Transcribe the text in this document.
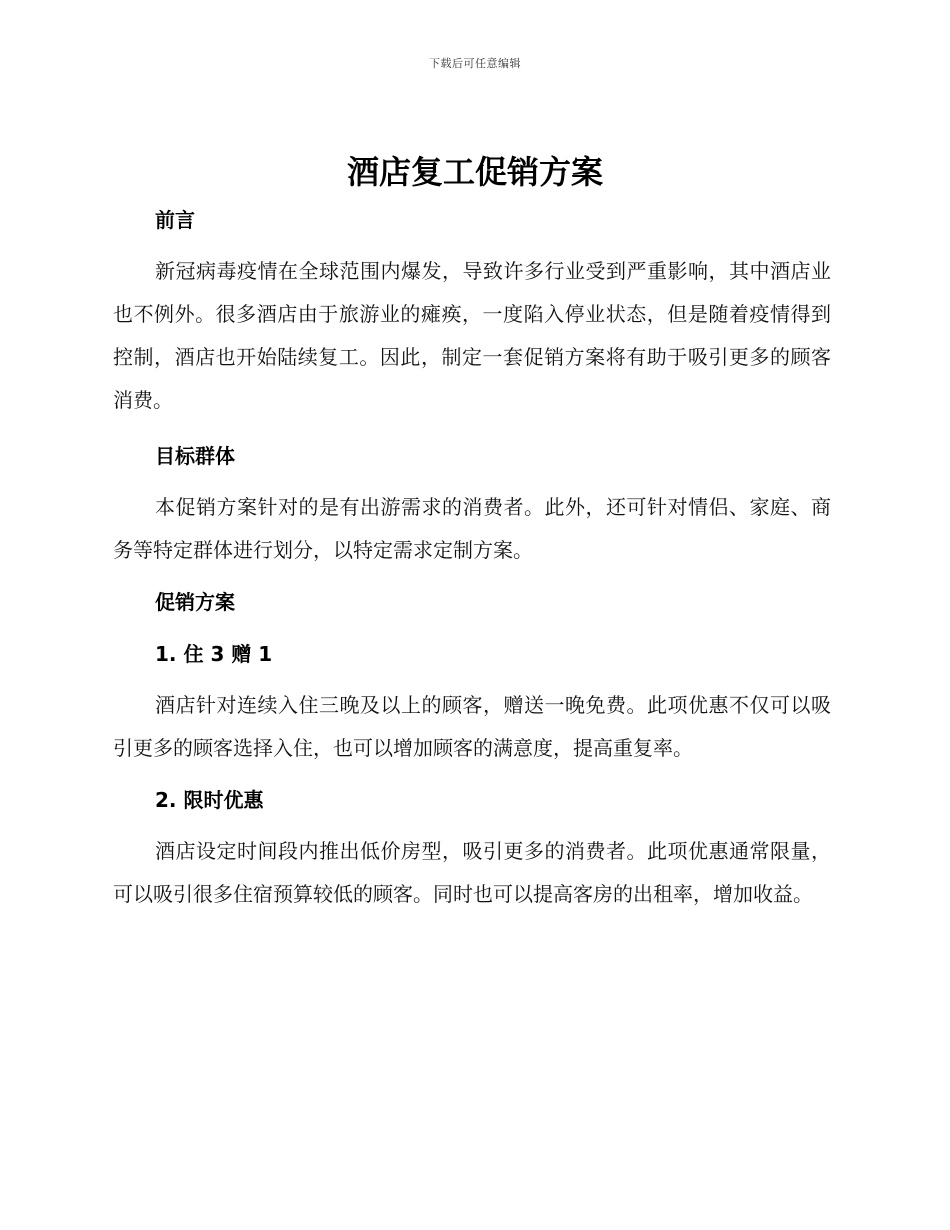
下载后可任意编辑
酒店复工促销方案

前言

新冠病毒疫情在全球范围内爆发，导致许多行业受到严重影响，其中酒店业也不例外。很多酒店由于旅游业的瘫痪，一度陷入停业状态，但是随着疫情得到控制，酒店也开始陆续复工。因此，制定一套促销方案将有助于吸引更多的顾客消费。

目标群体

本促销方案针对的是有出游需求的消费者。此外，还可针对情侣、家庭、商务等特定群体进行划分，以特定需求定制方案。

促销方案

1. 住 3 赠 1

酒店针对连续入住三晚及以上的顾客，赠送一晚免费。此项优惠不仅可以吸引更多的顾客选择入住，也可以增加顾客的满意度，提高重复率。

2. 限时优惠

酒店设定时间段内推出低价房型，吸引更多的消费者。此项优惠通常限量，可以吸引很多住宿预算较低的顾客。同时也可以提高客房的出租率，增加收益。
